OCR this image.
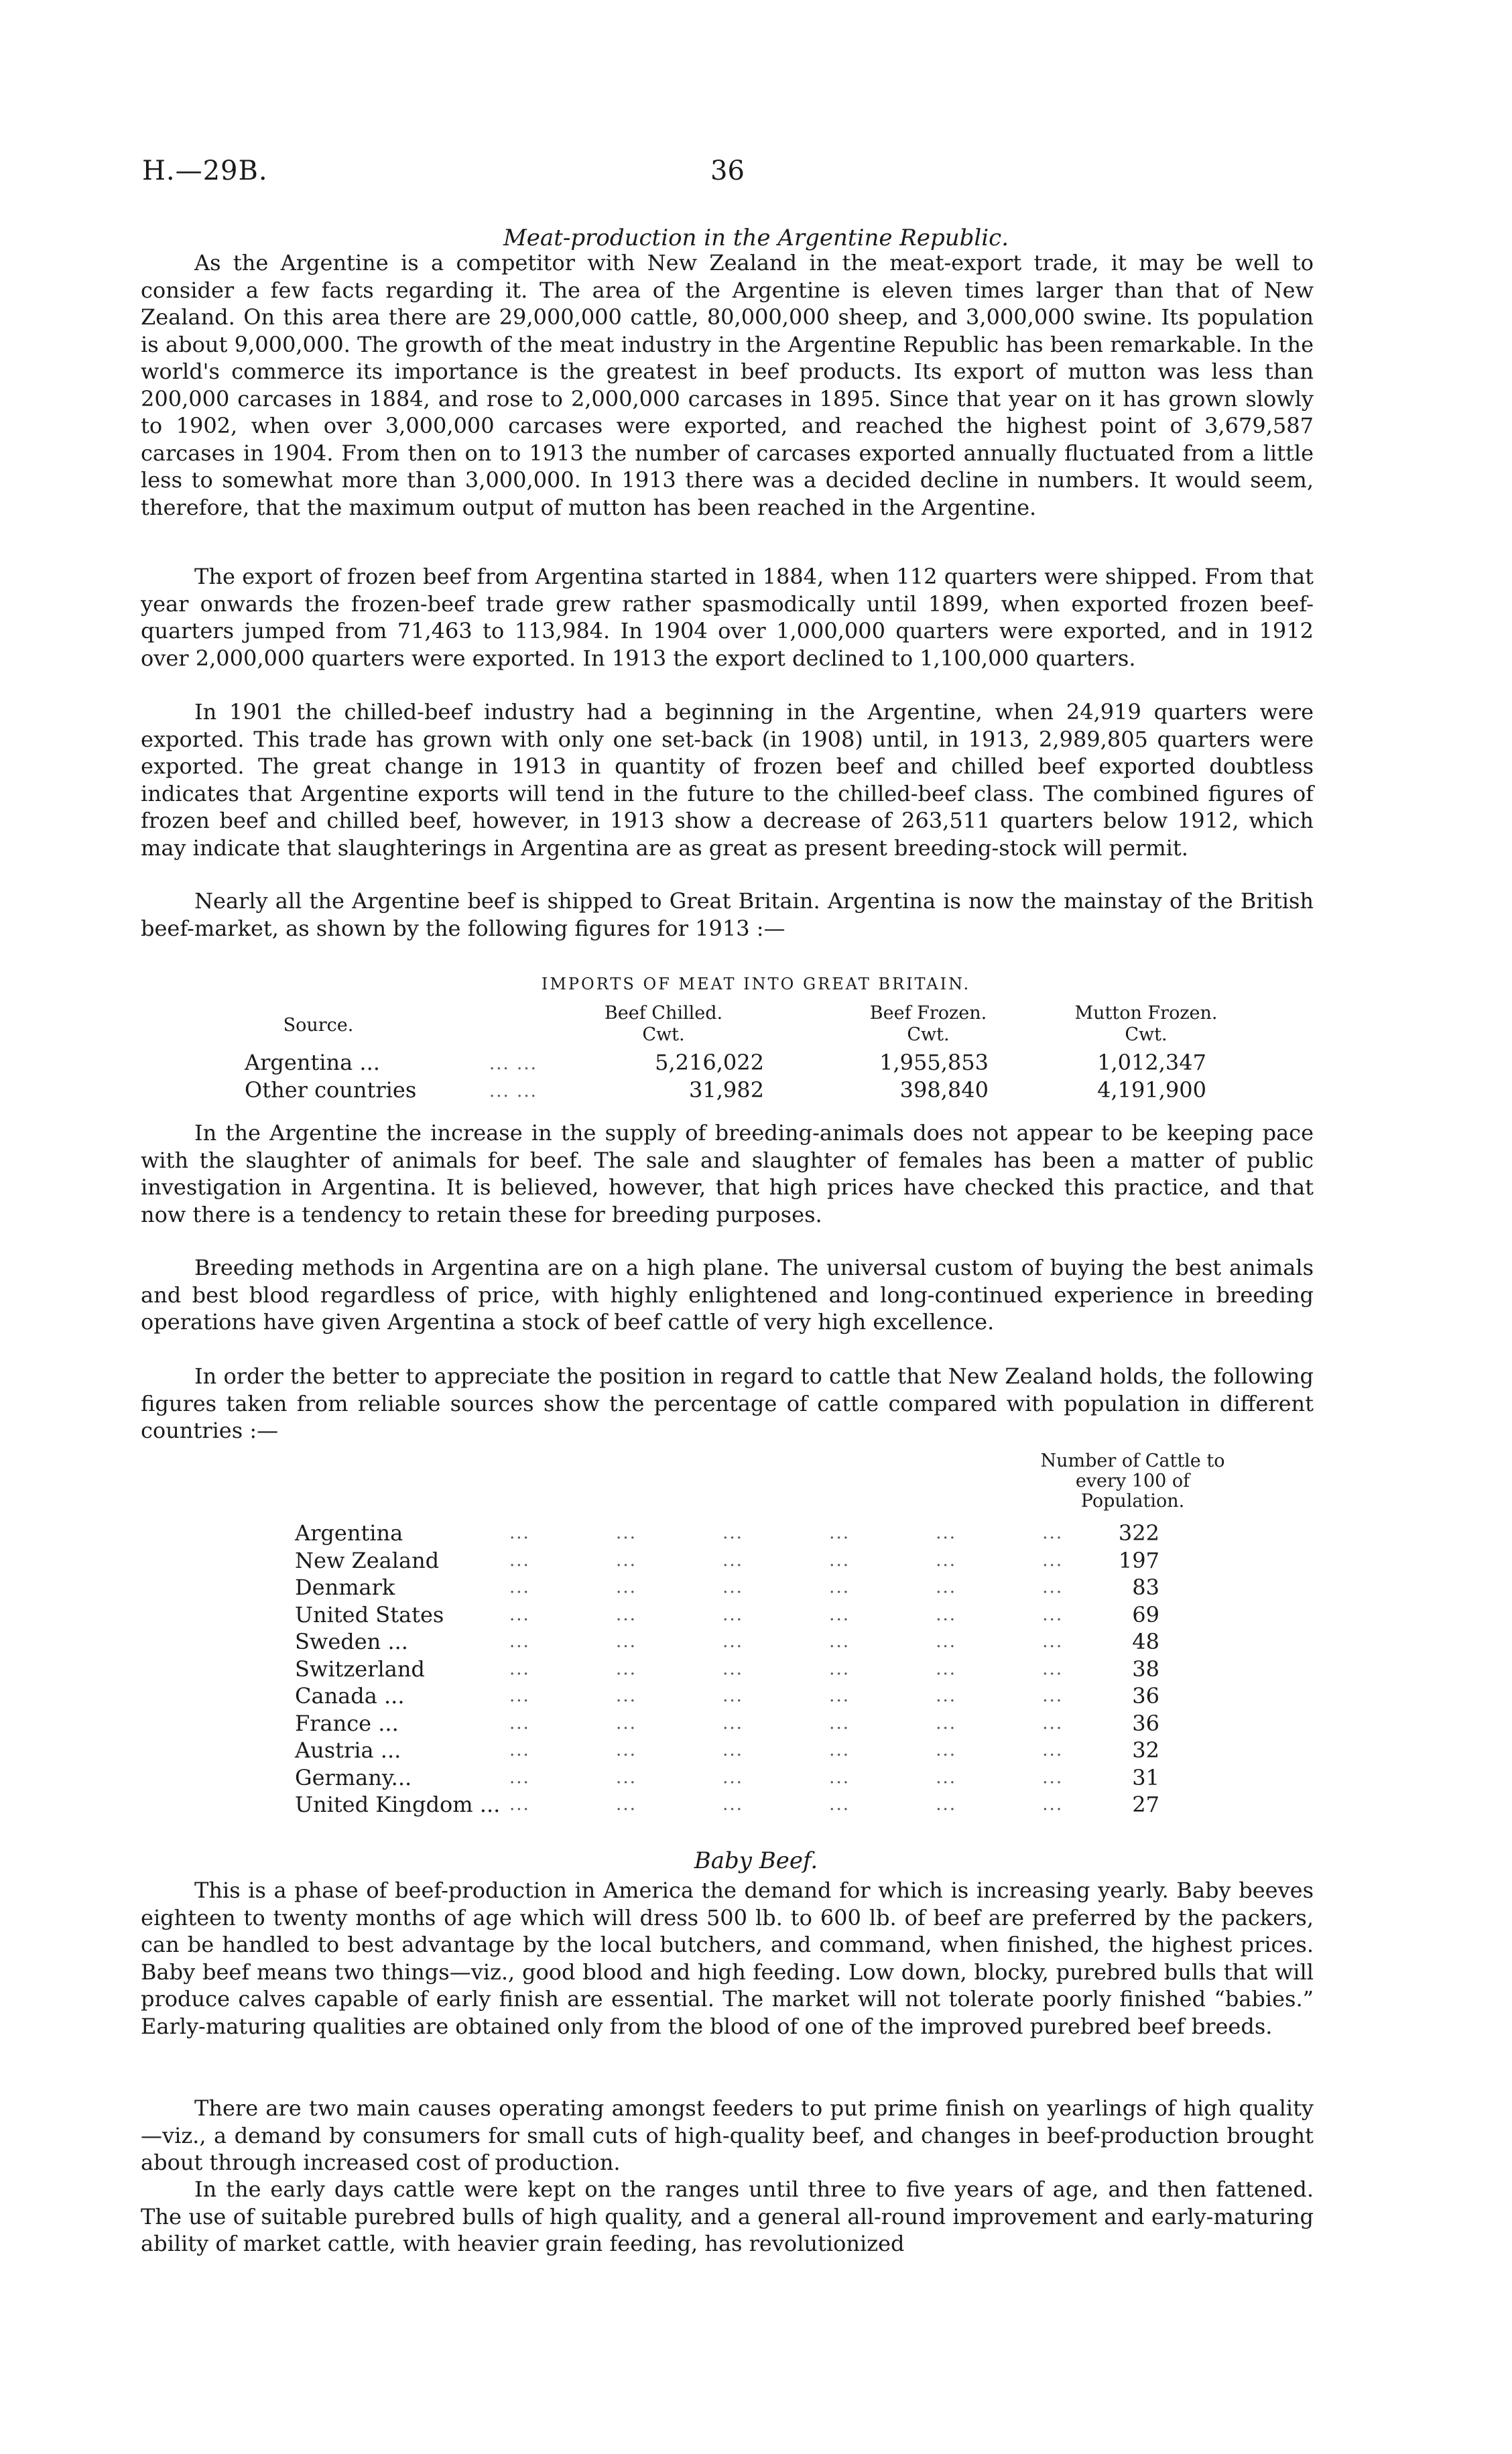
H.—29B.	36
Meat-production in the Argentine Republic.

As the Argentine is a competitor with New Zealand in the meat-export trade, it may be well to consider a few facts regarding it. The area of the Argentine is eleven times larger than that of New Zealand. On this area there are 29,000,000 cattle, 80,000,000 sheep, and 3,000,000 swine. Its population is about 9,000,000. The growth of the meat industry in the Argentine Republic has been remarkable. In the world's commerce its importance is the greatest in beef products. Its export of mutton was less than 200,000 carcases in 1884, and rose to 2,000,000 carcases in 1895. Since that year on it has grown slowly to 1902, when over 3,000,000 carcases were exported, and reached the highest point of 3,679,587 carcases in 1904. From then on to 1913 the number of carcases exported annually fluctuated from a little less to somewhat more than 3,000,000. In 1913 there was a decided decline in numbers. It would seem, therefore, that the maximum output of mutton has been reached in the Argentine.

The export of frozen beef from Argentina started in 1884, when 112 quarters were shipped. From that year onwards the frozen-beef trade grew rather spasmodically until 1899, when exported frozen beef-quarters jumped from 71,463 to 113,984. In 1904 over 1,000,000 quarters were exported, and in 1912 over 2,000,000 quarters were exported. In 1913 the export declined to 1,100,000 quarters.

In 1901 the chilled-beef industry had a beginning in the Argentine, when 24,919 quarters were exported. This trade has grown with only one set-back (in 1908) until, in 1913, 2,989,805 quarters were exported. The great change in 1913 in quantity of frozen beef and chilled beef exported doubtless indicates that Argentine exports will tend in the future to the chilled-beef class. The combined figures of frozen beef and chilled beef, however, in 1913 show a decrease of 263,511 quarters below 1912, which may indicate that slaughterings in Argentina are as great as present breeding-stock will permit.

Nearly all the Argentine beef is shipped to Great Britain. Argentina is now the mainstay of the British beef-market, as shown by the following figures for 1913 :—

IMPORTS OF MEAT INTO GREAT BRITAIN.
Source.
Beef Chilled.
Cwt.
Beef Frozen.
Cwt.
Mutton Frozen.
Cwt.
Argentina ...	... ...	5,216,022	1,955,853	1,012,347
Other countries	... ...	31,982	398,840	4,191,900

In the Argentine the increase in the supply of breeding-animals does not appear to be keeping pace with the slaughter of animals for beef. The sale and slaughter of females has been a matter of public investigation in Argentina. It is believed, however, that high prices have checked this practice, and that now there is a tendency to retain these for breeding purposes.

Breeding methods in Argentina are on a high plane. The universal custom of buying the best animals and best blood regardless of price, with highly enlightened and long-continued experience in breeding operations have given Argentina a stock of beef cattle of very high excellence.

In order the better to appreciate the position in regard to cattle that New Zealand holds, the following figures taken from reliable sources show the percentage of cattle compared with population in different countries :—

Number of Cattle to every 100 of Population.
Argentina	... ... ... ... ... ...	322
New Zealand	... ... ... ... ... ...	197
Denmark	... ... ... ... ... ...	83
United States	... ... ... ... ... ...	69
Sweden ...	... ... ... ... ... ...	48
Switzerland	... ... ... ... ... ...	38
Canada ...	... ... ... ... ... ...	36
France ...	... ... ... ... ... ...	36
Austria ...	... ... ... ... ... ...	32
Germany...	... ... ... ... ... ...	31
United Kingdom ... ... ... ... ... ... ...	27
Baby Beef.

This is a phase of beef-production in America the demand for which is increasing yearly. Baby beeves eighteen to twenty months of age which will dress 500 lb. to 600 lb. of beef are preferred by the packers, can be handled to best advantage by the local butchers, and command, when finished, the highest prices. Baby beef means two things—viz., good blood and high feeding. Low down, blocky, purebred bulls that will produce calves capable of early finish are essential. The market will not tolerate poorly finished “babies.” Early-maturing qualities are obtained only from the blood of one of the improved purebred beef breeds.

There are two main causes operating amongst feeders to put prime finish on yearlings of high quality—viz., a demand by consumers for small cuts of high-quality beef, and changes in beef-production brought about through increased cost of production.

In the early days cattle were kept on the ranges until three to five years of age, and then fattened. The use of suitable purebred bulls of high quality, and a general all-round improvement and early-maturing ability of market cattle, with heavier grain feeding, has revolutionized
